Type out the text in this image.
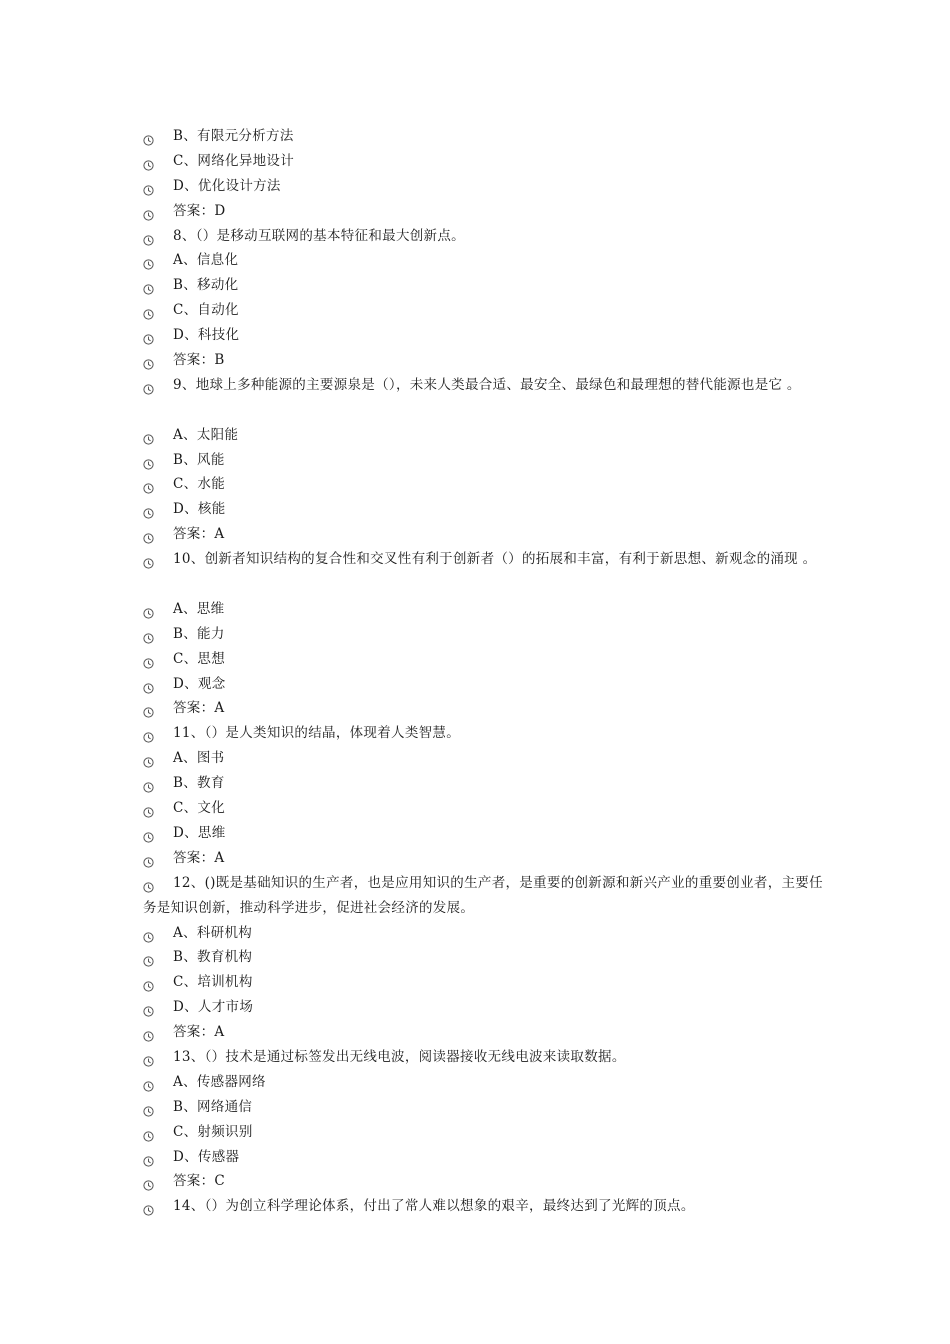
B、有限元分析方法
C、网络化异地设计
D、优化设计方法
答案：D
8、（）是移动互联网的基本特征和最大创新点。
A、信息化
B、移动化
C、自动化
D、科技化
答案：B
9、地球上多种能源的主要源泉是（），未来人类最合适、最安全、最绿色和最理想的替代能源也是它 。
A、太阳能
B、风能
C、水能
D、核能
答案：A
10、创新者知识结构的复合性和交叉性有利于创新者（）的拓展和丰富，有利于新思想、新观念的涌现 。
A、思维
B、能力
C、思想
D、观念
答案：A
11、（）是人类知识的结晶，体现着人类智慧。
A、图书
B、教育
C、文化
D、思维
答案：A
12、()既是基础知识的生产者，也是应用知识的生产者，是重要的创新源和新兴产业的重要创业者，主要任务是知识创新，推动科学进步，促进社会经济的发展。
A、科研机构
B、教育机构
C、培训机构
D、人才市场
答案：A
13、（）技术是通过标签发出无线电波，阅读器接收无线电波来读取数据。
A、传感器网络
B、网络通信
C、射频识别
D、传感器
答案：C
14、（）为创立科学理论体系，付出了常人难以想象的艰辛，最终达到了光辉的顶点。
